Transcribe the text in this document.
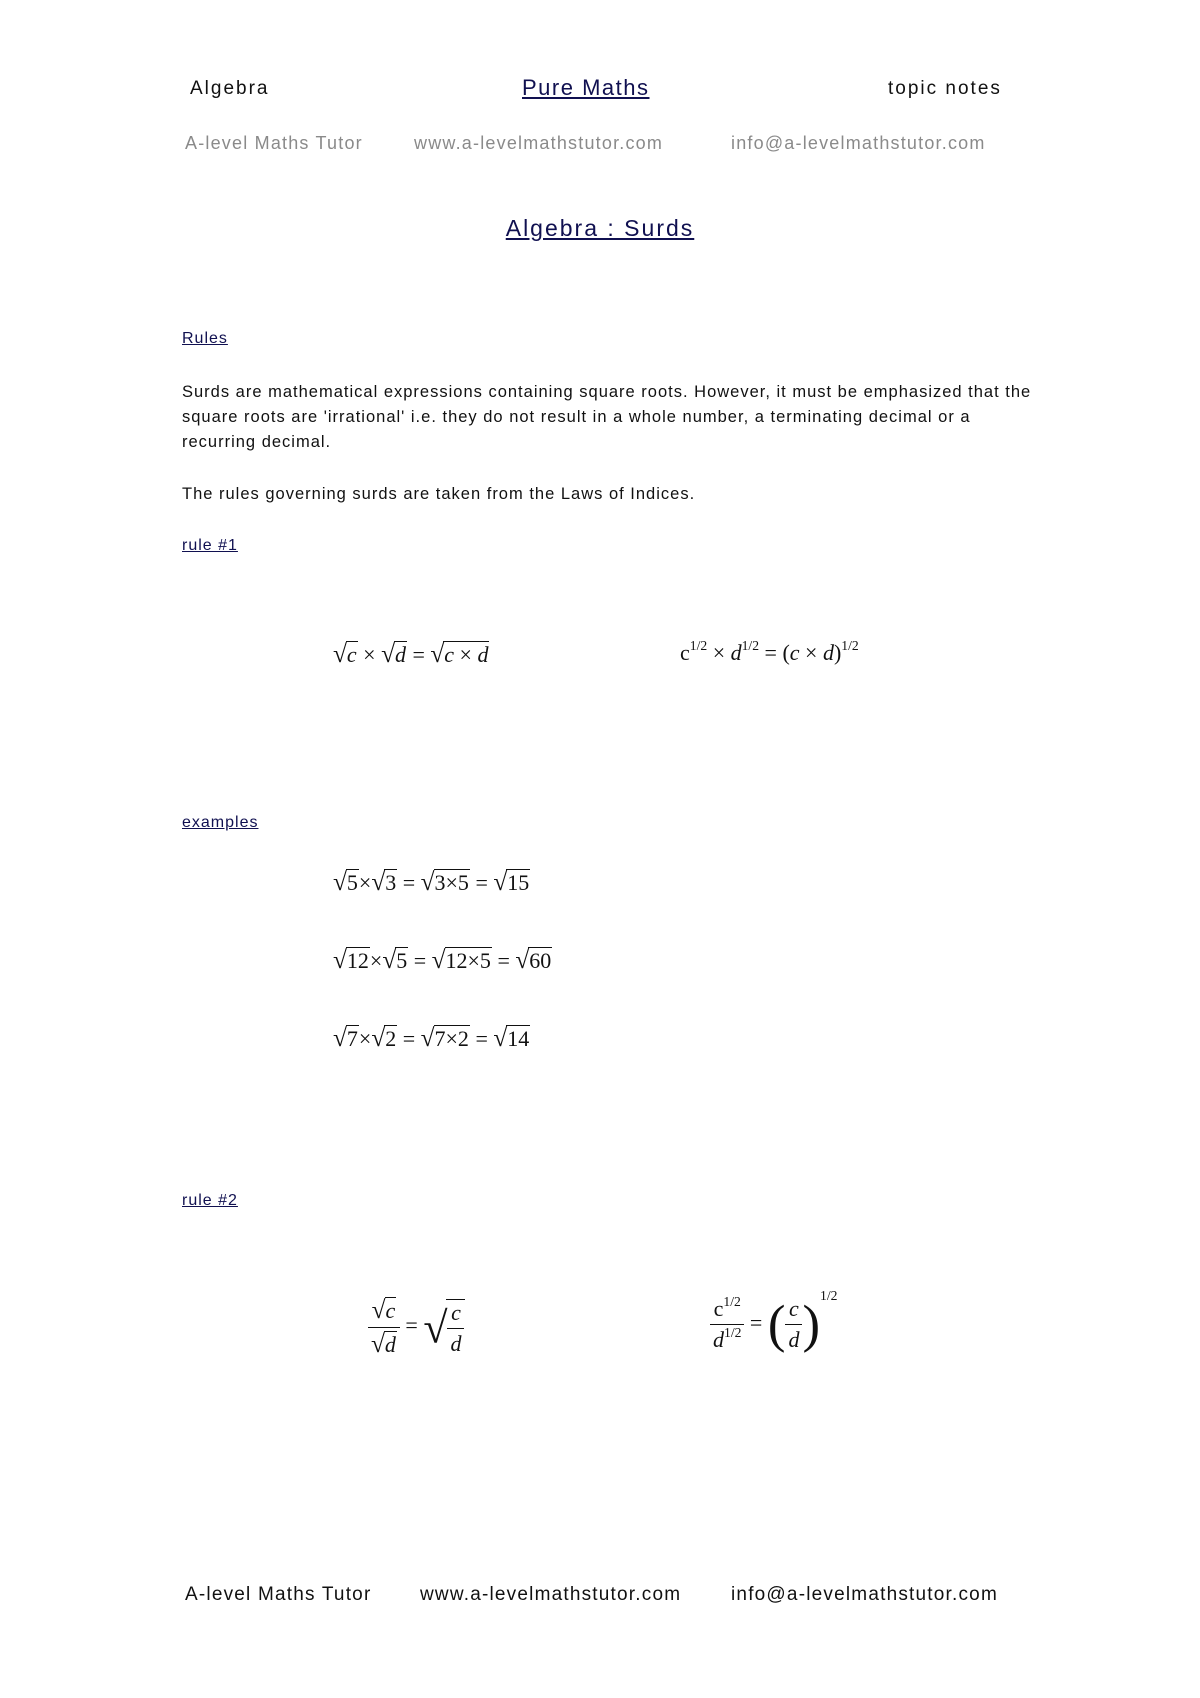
Algebra	Pure Maths	topic notes
A-level Maths Tutor	www.a-levelmathstutor.com	info@a-levelmathstutor.com
Algebra : Surds
Rules
Surds are mathematical expressions containing square roots. However, it must be emphasized that the square roots are 'irrational' i.e. they do not result in a whole number, a terminating decimal or a recurring decimal.
The rules governing surds are taken from the Laws of Indices.
rule #1
√c × √d = √c × d	$c^{1/2} \times d^{1/2} = (c \times d)^{1/2}$
examples
√5×√3 = √3×5 = √15
√12×√5 = √12×5 = √60
√7×√2 = √7×2 = √14
rule #2
$\frac{√c}{√d}$ = √ $\frac{c}{d}$	$\frac{c^{1/2}}{d^{1/2}}$ = ( $\frac{c}{d} )^{1/2}$
A-level Maths Tutor	www.a-levelmathstutor.com	info@a-levelmathstutor.com
